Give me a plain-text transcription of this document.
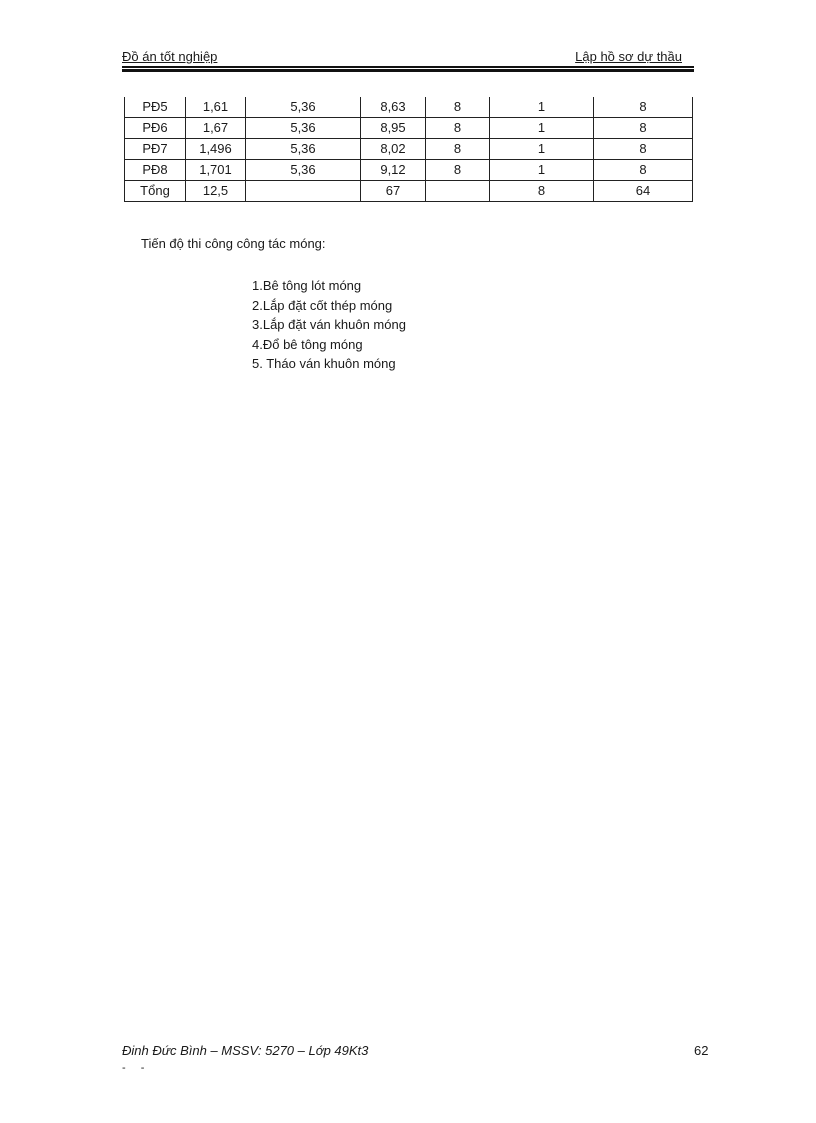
Đồ án tốt nghiệp	Lập hồ sơ dự thầu
PĐ5	1,61	5,36	8,63	8	1	8
PĐ6	1,67	5,36	8,95	8	1	8
PĐ7	1,496	5,36	8,02	8	1	8
PĐ8	1,701	5,36	9,12	8	1	8
Tổng	12,5		67		8	64
Tiến độ thi công công tác móng:
1.Bê tông lót móng
2.Lắp đặt cốt thép móng
3.Lắp đặt ván khuôn móng
4.Đổ bê tông móng
5. Tháo ván khuôn móng
Đinh Đức Bình – MSSV: 5270 – Lớp 49Kt3	62
- -
